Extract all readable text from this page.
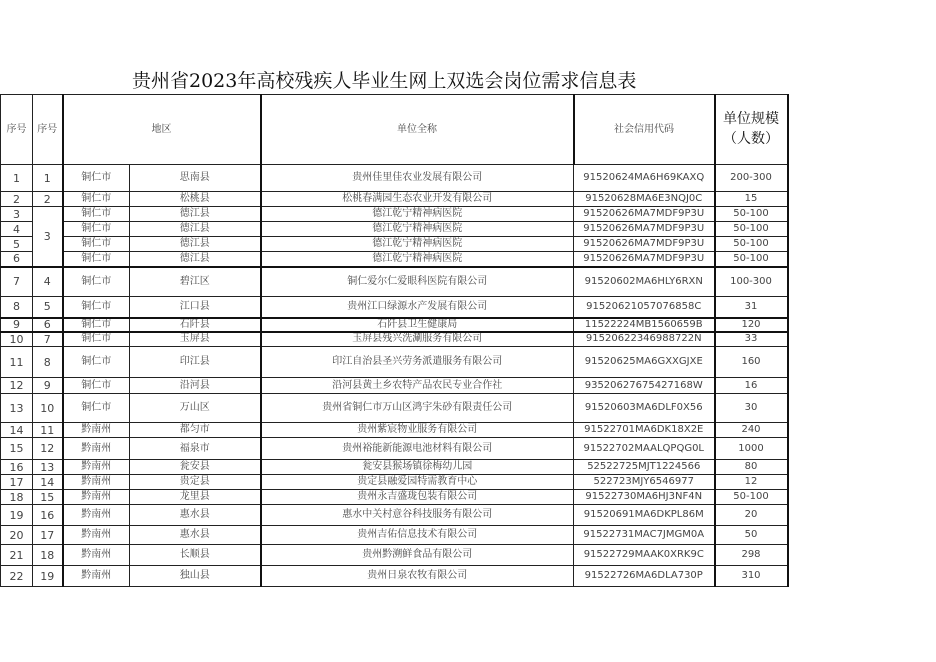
贵州省2023年高校残疾人毕业生网上双选会岗位需求信息表
序号	序号	地区		单位全称	社会信用代码	单位规模（人数）
1	1	铜仁市	思南县	贵州佳里佳农业发展有限公司	91520624MA6H69KAXQ	200-300
2	2	铜仁市	松桃县	松桃春满园生态农业开发有限公司	91520628MA6E3NQJ0C	15
3	3	铜仁市	德江县	德江乾宁精神病医院	91520626MA7MDF9P3U	50-100
4		铜仁市	德江县	德江乾宁精神病医院	91520626MA7MDF9P3U	50-100
5		铜仁市	德江县	德江乾宁精神病医院	91520626MA7MDF9P3U	50-100
6		铜仁市	德江县	德江乾宁精神病医院	91520626MA7MDF9P3U	50-100
7	4	铜仁市	碧江区	铜仁爱尔仁爱眼科医院有限公司	91520602MA6HLY6RXN	100-300
8	5	铜仁市	江口县	贵州江口绿源水产发展有限公司	91520621057076858C	31
9	6	铜仁市	石阡县	石阡县卫生健康局	11522224MB1560659B	120
10	7	铜仁市	玉屏县	玉屏县残兴洗涮服务有限公司	91520622346988722N	33
11	8	铜仁市	印江县	印江自治县圣兴劳务派遣服务有限公司	91520625MA6GXXGJXE	160
12	9	铜仁市	沿河县	沿河县黄土乡农特产品农民专业合作社	93520627675427168W	16
13	10	铜仁市	万山区	贵州省铜仁市万山区鸿宇朱砂有限责任公司	91520603MA6DLF0X56	30
14	11	黔南州	都匀市	贵州紫宸物业服务有限公司	91522701MA6DK18X2E	240
15	12	黔南州	福泉市	贵州裕能新能源电池材料有限公司	91522702MAALQPQG0L	1000
16	13	黔南州	瓮安县	瓮安县猴场镇徐梅幼儿园	52522725MJT1224566	80
17	14	黔南州	贵定县	贵定县融爱园特需教育中心	522723MJY6546977	12
18	15	黔南州	龙里县	贵州永吉盛珑包装有限公司	91522730MA6HJ3NF4N	50-100
19	16	黔南州	惠水县	惠水中关村意谷科技服务有限公司	91520691MA6DKPL86M	20
20	17	黔南州	惠水县	贵州吉佑信息技术有限公司	91522731MAC7JMGM0A	50
21	18	黔南州	长顺县	贵州黔溯鲜食品有限公司	91522729MAAK0XRK9C	298
22	19	黔南州	独山县	贵州日泉农牧有限公司	91522726MA6DLA730P	310
